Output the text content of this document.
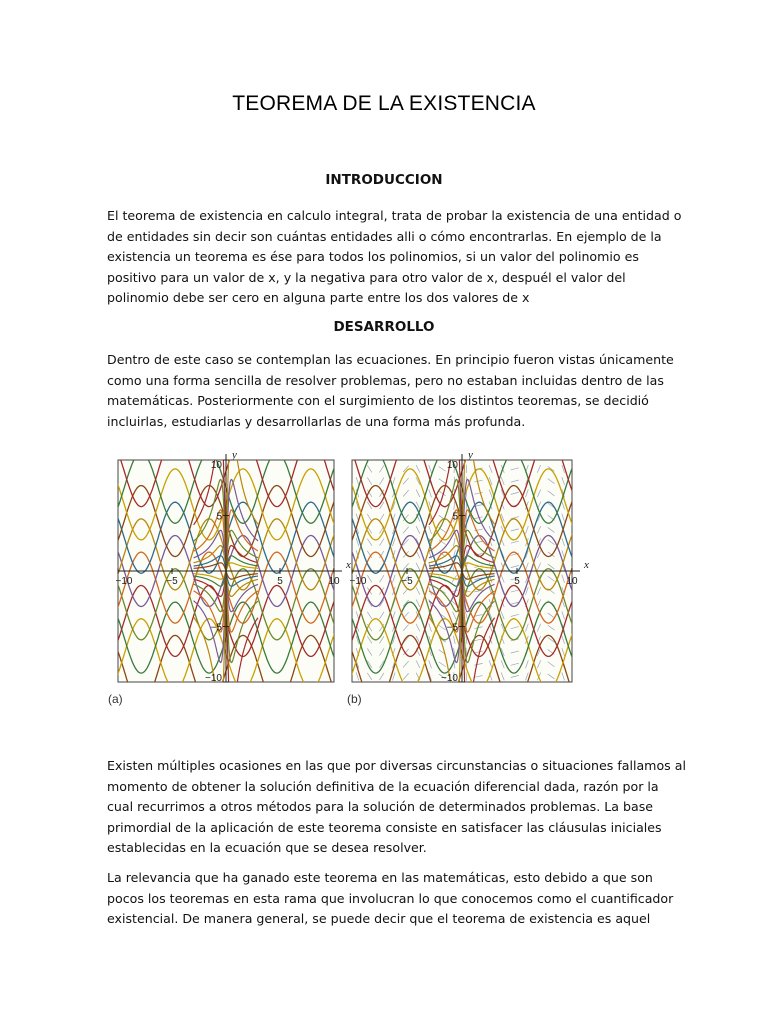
TEOREMA DE LA EXISTENCIA
INTRODUCCION

El teorema de existencia en calculo integral, trata de probar la existencia de una entidad o
de entidades sin decir son cuántas entidades alli o cómo encontrarlas. En ejemplo de la
existencia un teorema es ése para todos los polinomios, si un valor del polinomio es
positivo para un valor de x, y la negativa para otro valor de x, despuél el valor del
polinomio debe ser cero en alguna parte entre los dos valores de x

DESARROLLO

Dentro de este caso se contemplan las ecuaciones. En principio fueron vistas únicamente
como una forma sencilla de resolver problemas, pero no estaban incluidas dentro de las
matemáticas. Posteriormente con el surgimiento de los distintos teoremas, se decidió
incluirlas, estudiarlas y desarrollarlas de una forma más profunda.

−10	−5	5	10
10
5
−5
−10
x
y
(a)
−10	−5	5	10
10
5
−5
−10
x
y
(b)

Existen múltiples ocasiones en las que por diversas circunstancias o situaciones fallamos al
momento de obtener la solución definitiva de la ecuación diferencial dada, razón por la
cual recurrimos a otros métodos para la solución de determinados problemas. La base
primordial de la aplicación de este teorema consiste en satisfacer las cláusulas iniciales
establecidas en la ecuación que se desea resolver.

La relevancia que ha ganado este teorema en las matemáticas, esto debido a que son
pocos los teoremas en esta rama que involucran lo que conocemos como el cuantificador
existencial. De manera general, se puede decir que el teorema de existencia es aquel
